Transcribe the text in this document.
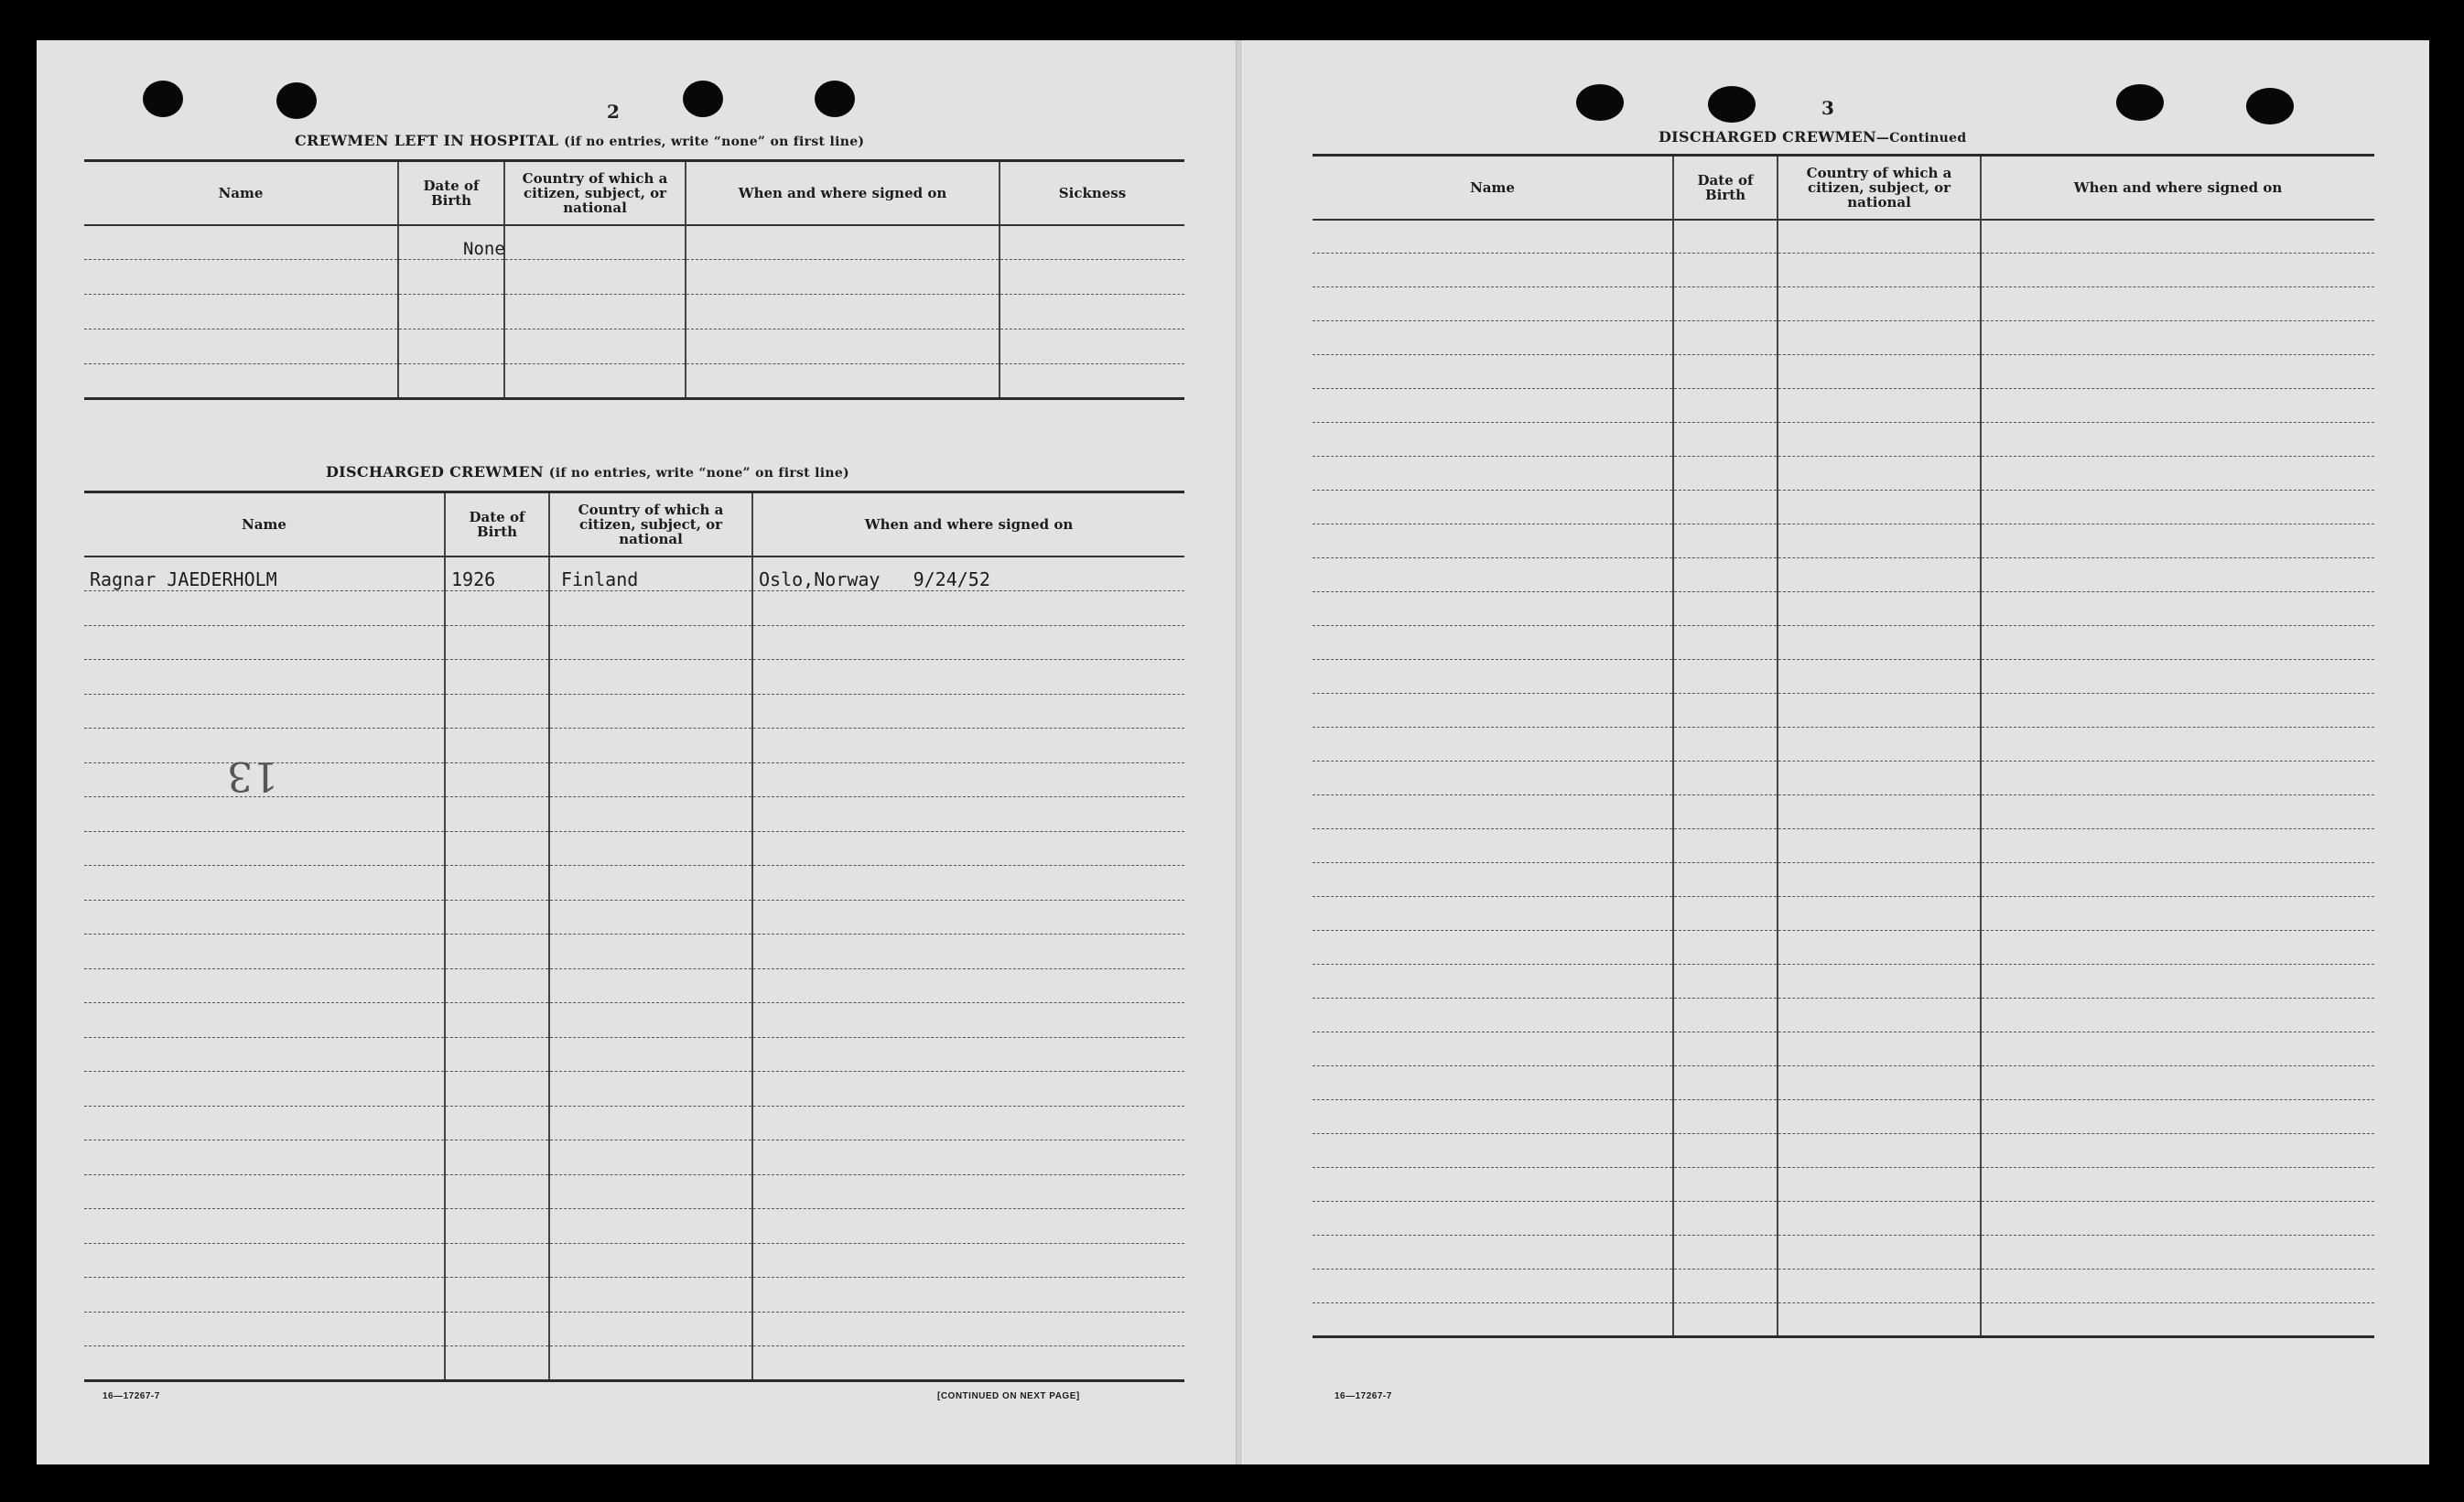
2
CREWMEN LEFT IN HOSPITAL (if no entries, write “none” on first line)
Name	Date of Birth	Country of which a citizen, subject, or national	When and where signed on	Sickness
	None			

DISCHARGED CREWMEN (if no entries, write “none” on first line)
Name	Date of Birth	Country of which a citizen, subject, or national	When and where signed on
Ragnar JAEDERHOLM	1926	Finland	Oslo,Norway   9/24/52

13
16—17267-7	[CONTINUED ON NEXT PAGE]
3
DISCHARGED CREWMEN—Continued
Name	Date of Birth	Country of which a citizen, subject, or national	When and where signed on

16—17267-7
